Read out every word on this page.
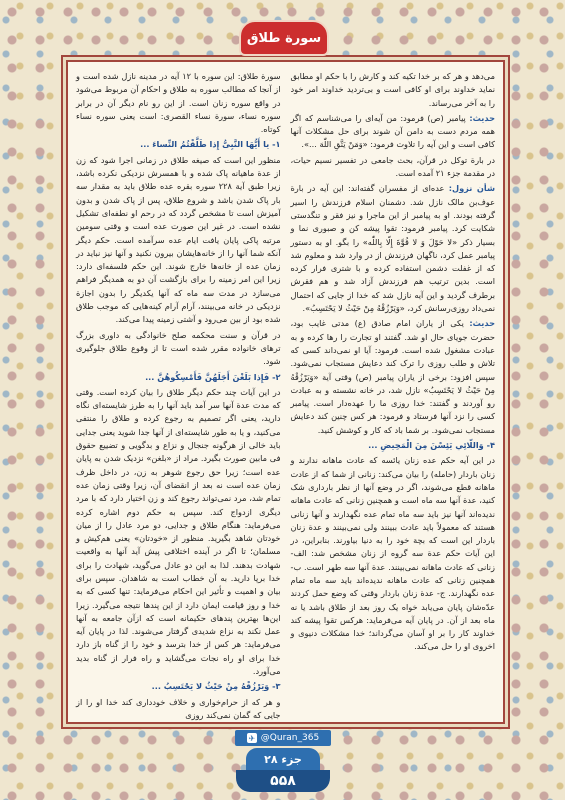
سورة طلاق: این سوره با ۱۲ آیه در مدینه نازل شده است و از آنجا که مطالب سوره به طلاق و احکام آن مربوط می‌شود در واقع سوره زنان است. از این رو نام دیگر آن در برابر سوره نساء، سورة نساء القصری: است یعنی سوره نساء کوتاه.

۱- یا أَیُّهَا النَّبِیُّ إِذا طَلَّقْتُمُ النِّساءَ ...

منظور این است که صیغه طلاق در زمانی اجرا شود که زن از عدة ماهیانه پاک شده و با همسرش نزدیکی نکرده باشد، زیرا طبق آیة ۲۲۸ سوره بقره عده طلاق باید به مقدار سه بار پاک شدن باشد و شروع طلاق، پس از پاک شدن و بدون آمیزش است تا مشخص گردد که در رحم او نطفه‌ای تشکیل نشده است. در غیر این صورت عده است و وقتی سومین مرتبه پاکی پایان یافت ایام عده سرآمده است. حکم دیگر آنکه شما آنها را از خانه‌هایشان بیرون نکنید و آنها نیز نباید در زمان عده از خانه‌ها خارج شوند. این حکم فلسفه‌ای دارد: زیرا این امر زمینه را برای بازگشت آن دو به همدیگر فراهم می‌سازد در مدت سه ماه که آنها یکدیگر را بدون اجازة نزدیکی در خانه می‌بینند، آرام آرام کینه‌هایی که موجب طلاق شده بود از بین می‌رود و آشتی زمینه پیدا می‌کند.

در قرآن و سنت محکمه صلح خانوادگی به داوری بزرگ ترهای خانواده مقرر شده است تا از وقوع طلاق جلوگیری شود.

۲- فَإِذا بَلَغْنَ أَجَلَهُنَّ فَأَمْسِکُوهُنَّ ...

در این آیات چند حکم دیگر طلاق را بیان کرده است. وقتی که مدت عدة آنها سر آمد باید آنها را به طرز شایسته‌ای نگاه دارید، یعنی اگر تصمیم به رجوع کرده و طلاق را منتفی می‌کنید، و یا به طور شایسته‌ای از آنها جدا شوید یعنی جدایی باید خالی از هرگونه جنجال و نزاع و بدگویی و تضییع حقوق فی مابین صورت بگیرد. مراد از «بلغن» نزدیک شدن به پایان عده است؛ زیرا حق رجوع شوهر به زن، در داخل ظرف زمان عده است نه بعد از انقضای آن، زیرا وقتی زمان عده تمام شد، مرد نمی‌تواند رجوع کند و زن اختیار دارد که با مرد دیگری ازدواج کند. سپس به حکم دوم اشاره کرده می‌فرماید: هنگام طلاق و جدایی، دو مرد عادل را از میان خودتان شاهد بگیرید. منظور از «خودتان» یعنی هم‌کیش و مسلمان؛ تا اگر در آینده اختلافی پیش آید آنها به واقعیت شهادت بدهند. لذا به این دو عادل می‌گوید، شهادت را برای خدا برپا دارید. به آن خطاب است به شاهدان. سپس برای بیان و اهمیت و تأثیر این احکام می‌فرماید: تنها کسی که به خدا و روز قیامت ایمان دارد از این پندها نتیجه می‌گیرد. زیرا این‌ها بهترین پندهای حکیمانه است که ازآن جامعه به آنها عمل نکند به نزاع شدیدی گرفتار می‌شوند. لذا در پایان آیه می‌فرماید: هر کس از خدا بترسد و خود را از گناه باز دارد خدا برای او راه نجات می‌گشاید و راه فرار از گناه بدید می‌آورد.

۳- وَیَرْزُقْهُ مِنْ حَیْثُ لا یَحْتَسِبُ ...

و هر که از حرام‌خواری و خلاف خودداری کند خدا او را از جایی که گمان نمی‌کند روزی

می‌دهد و هر که بر خدا تکیه کند و کارش را با حکم او مطابق نماید خداوند برای او کافی است و بی‌تردید خداوند امر خود را به آخر می‌رساند.

حدیث: پیامبر (ص) فرمود: من آیه‌ای را می‌شناسم که اگر همه مردم دست به دامن آن شوند برای حل مشکلات آنها کافی است و این آیه را تلاوت فرمود: «وَمَنْ یَتَّقِ اللّٰهَ ...».

در بارة توکل در قرآن، بحث جامعی در تفسیر نسیم حیات، در مقدمة جزء ۲۱ آمده است.

شأن نزول: عده‌ای از مفسران گفته‌اند: این آیه در بارة عوف‌بن مالک نازل شد. دشمنان اسلام فرزندش را اسیر گرفته بودند. او به پیامبر از این ماجرا و نیز فقر و تنگدستی شکایت کرد. پیامبر فرمود: تقوا پیشه کن و صبوری نما و بسیار ذکر «لا حَوْلَ وَ لا قُوَّةَ إِلّا بِاللّٰه» را بگو. او به دستور پیامبر عمل کرد، ناگهان فرزندش از در وارد شد و معلوم شد که از غفلت دشمن استفاده کرده و با شتری فرار کرده است. بدین ترتیب هم فرزندش آزاد شد و هم فقرش برطرف گردید و این آیه نازل شد که خدا از جایی که احتمال نمی‌داد روزی‌رسانش کرد، «وَیَرْزُقْهُ مِنْ حَیْثُ لا یَحْتَسِبُ».

حدیث: یکی از یاران امام صادق (ع) مدتی غایب بود، حضرت جویای حال او شد. گفتند او تجارت را رها کرده و به عبادت مشغول شده است. فرمود: آیا او نمی‌داند کسی که تلاش و طلب روزی را ترک کند دعایش مستجاب نمی‌شود. سپس افزود: برخی از یاران پیامبر (ص) وقتی آیة «وَیَرْزُقْهُ مِنْ حَیْثُ لا یَحْتَسِبُ» نازل شد، در خانه نشسته و به عبادت رو آوردند و گفتند: خدا روزی ما را عهده‌دار است. پیامبر کسی را نزد آنها فرستاد و فرمود: هر کس چنین کند دعایش مستجاب نمی‌شود. بر شما باد که کار و کوشش کنید.

۴- وَاللّائِي یَئِسْنَ مِنَ الْمَحِیضِ ...

در این آیه حکم عده زنان یائسه که عادت ماهانه ندارند و زنان باردار (حامله) را بیان می‌کند: زنانی از شما که از عادت ماهانه قطع می‌شوند، اگر در وضع آنها از نظر بارداری شک کنید، عدة آنها سه ماه است و همچنین زنانی که عادت ماهانه ندیده‌اند آنها نیز باید سه ماه تمام عده نگهدارند و آنها زنانی هستند که معمولاً باید عادت ببینند ولی نمی‌بینند و عدة زنان باردار این است که بچة خود را به دنیا بیاورند. بنابراین، در این آیات حکم عدة سه گروه از زنان مشخص شد: الف- زنانی که عادت ماهانه نمی‌بینند. عدة آنها سه طهر است. ب- همچنین زنانی که عادت ماهانه ندیده‌اند باید سه ماه تمام عده نگهدارند. ج- عدة زنان باردار وقتی که وضع حمل کردند عدّه‌شان پایان می‌یابد خواه یک روز بعد از طلاق باشد یا نه ماه بعد از آن. در پایان آیه می‌فرماید: هرکس تقوا پیشه کند خداوند کار را بر او آسان می‌گرداند؛ خدا مشکلات دنیوی و اخروی او را حل می‌کند.

سورة طلاق
✈ @Quran_365
جزء ۲۸
۵۵۸
